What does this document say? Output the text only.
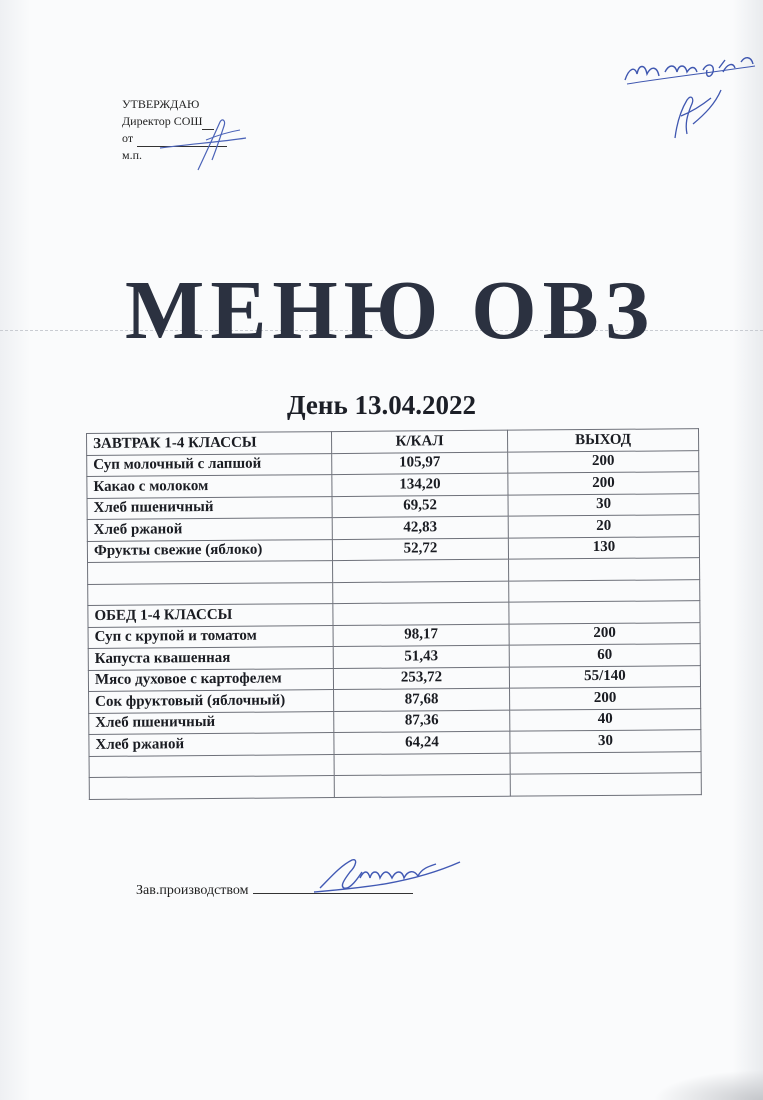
УТВЕРЖДАЮ
Директор СОШ
от
м.п.
МЕНЮ ОВЗ
День 13.04.2022
ЗАВТРАК 1-4 КЛАССЫ	К/КАЛ	ВЫХОД
Суп молочный с лапшой	105,97	200
Какао с молоком	134,20	200
Хлеб пшеничный	69,52	30
Хлеб ржаной	42,83	20
Фрукты свежие (яблоко)	52,72	130

ОБЕД 1-4 КЛАССЫ		
Суп с крупой и томатом	98,17	200
Капуста квашенная	51,43	60
Мясо духовое с картофелем	253,72	55/140
Сок фруктовый (яблочный)	87,68	200
Хлеб пшеничный	87,36	40
Хлеб ржаной	64,24	30

Зав.производством
